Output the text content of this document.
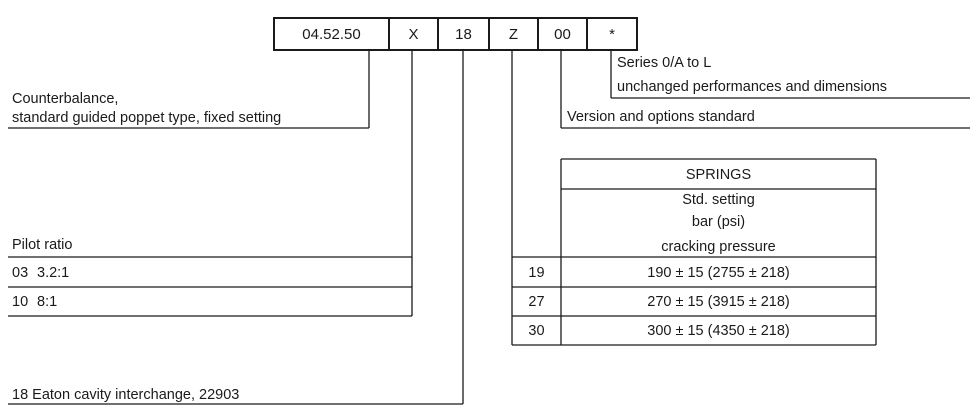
04.52.50	X	18	Z	00	*
Counterbalance,
standard guided poppet type, fixed setting
Series 0/A to L
unchanged performances and dimensions
Version and options standard
Pilot ratio
03 3.2:1
10 8:1
SPRINGS
Std. setting
bar (psi)
cracking pressure
19	190 ± 15 (2755 ± 218)
27	270 ± 15 (3915 ± 218)
30	300 ± 15 (4350 ± 218)
18 Eaton cavity interchange, 22903
